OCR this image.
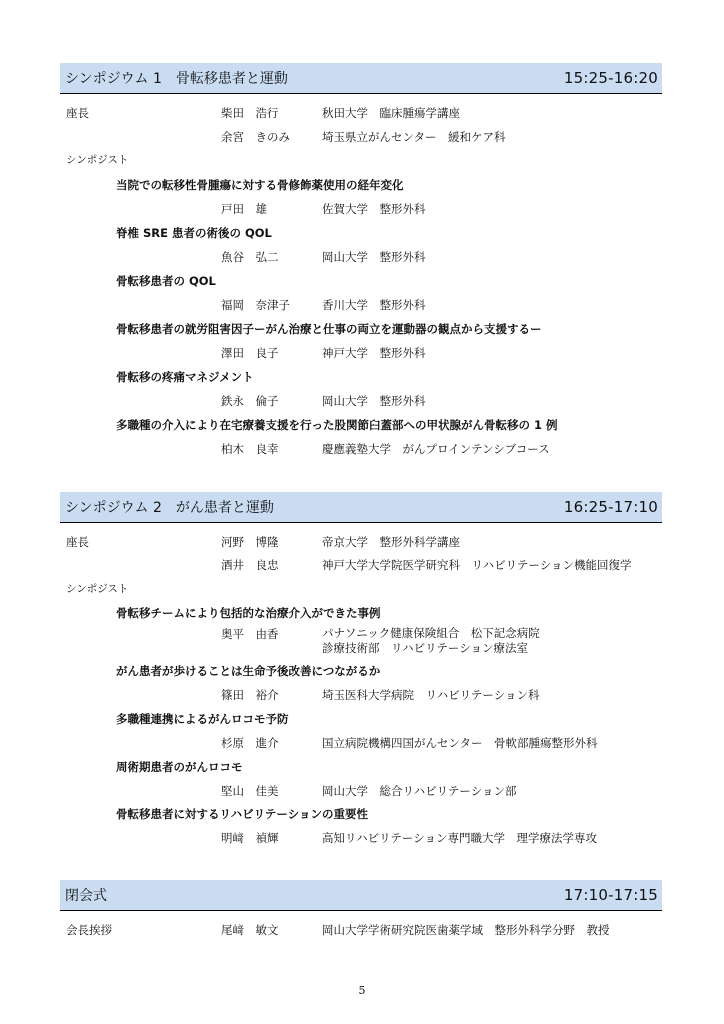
シンポジウム 1　骨転移患者と運動	15:25-16:20
座長	柴田　浩行	秋田大学　臨床腫瘍学講座
余宮　きのみ	埼玉県立がんセンター　緩和ケア科
シンポジスト
当院での転移性骨腫瘍に対する骨修飾薬使用の経年変化
戸田　雄	佐賀大学　整形外科
脊椎 SRE 患者の術後の QOL
魚谷　弘二	岡山大学　整形外科
骨転移患者の QOL
福岡　奈津子	香川大学　整形外科
骨転移患者の就労阻害因子ーがん治療と仕事の両立を運動器の観点から支援するー
澤田　良子	神戸大学　整形外科
骨転移の疼痛マネジメント
鉄永　倫子	岡山大学　整形外科
多職種の介入により在宅療養支援を行った股関節臼蓋部への甲状腺がん骨転移の 1 例
柏木　良幸	慶應義塾大学　がんプロインテンシブコース
シンポジウム 2　がん患者と運動	16:25-17:10
座長	河野　博隆	帝京大学　整形外科学講座
酒井　良忠	神戸大学大学院医学研究科　リハビリテーション機能回復学
シンポジスト
骨転移チームにより包括的な治療介入ができた事例
奥平　由香	パナソニック健康保険組合　松下記念病院
診療技術部　リハビリテーション療法室
がん患者が歩けることは生命予後改善につながるか
篠田　裕介	埼玉医科大学病院　リハビリテーション科
多職種連携によるがんロコモ予防
杉原　進介	国立病院機構四国がんセンター　骨軟部腫瘍整形外科
周術期患者のがんロコモ
堅山　佳美	岡山大学　総合リハビリテーション部
骨転移患者に対するリハビリテーションの重要性
明﨑　禎輝	高知リハビリテーション専門職大学　理学療法学専攻
閉会式	17:10-17:15
会長挨拶	尾﨑　敏文	岡山大学学術研究院医歯薬学域　整形外科学分野　教授
5
